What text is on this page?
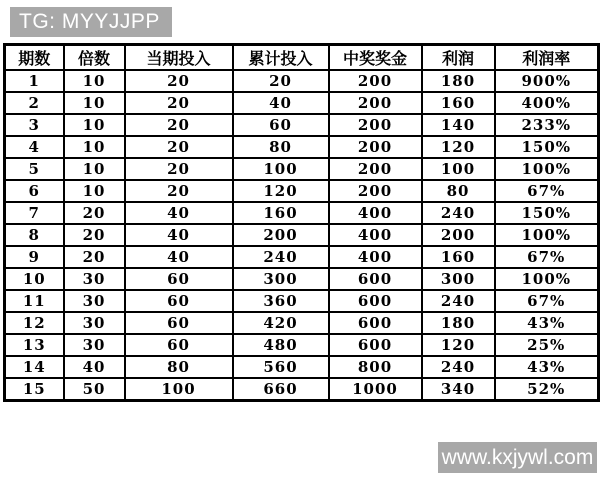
TG: MYYJJPP
期数	倍数	当期投入	累计投入	中奖奖金	利润	利润率
1	10	20	20	200	180	900%
2	10	20	40	200	160	400%
3	10	20	60	200	140	233%
4	10	20	80	200	120	150%
5	10	20	100	200	100	100%
6	10	20	120	200	80	67%
7	20	40	160	400	240	150%
8	20	40	200	400	200	100%
9	20	40	240	400	160	67%
10	30	60	300	600	300	100%
11	30	60	360	600	240	67%
12	30	60	420	600	180	43%
13	30	60	480	600	120	25%
14	40	80	560	800	240	43%
15	50	100	660	1000	340	52%
www.kxjywl.com
